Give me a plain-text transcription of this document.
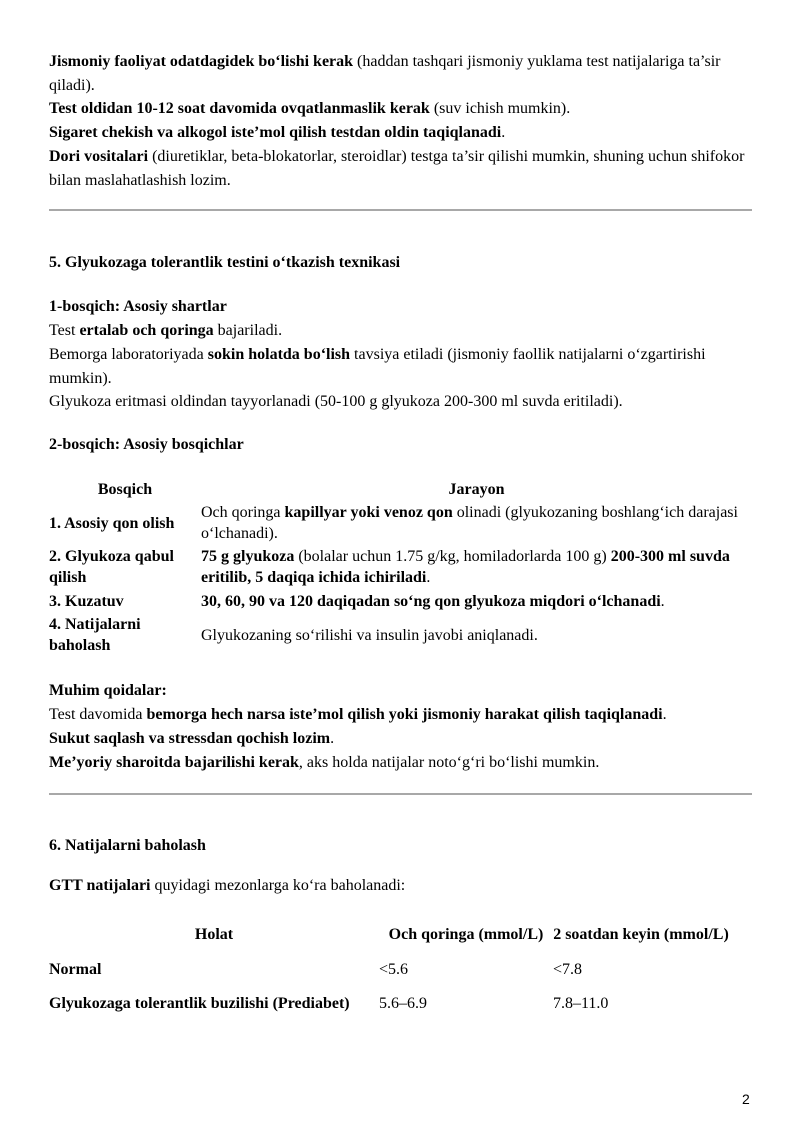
Jismoniy faoliyat odatdagidek bo‘lishi kerak (haddan tashqari jismoniy yuklama test natijalariga ta’sir qiladi).

Test oldidan 10-12 soat davomida ovqatlanmaslik kerak (suv ichish mumkin).

Sigaret chekish va alkogol iste’mol qilish testdan oldin taqiqlanadi.

Dori vositalari (diuretiklar, beta-blokatorlar, steroidlar) testga ta’sir qilishi mumkin, shuning uchun shifokor bilan maslahatlashish lozim.

5. Glyukozaga tolerantlik testini o‘tkazish texnikasi

1-bosqich: Asosiy shartlar

Test ertalab och qoringa bajariladi.

Bemorga laboratoriyada sokin holatda bo‘lish tavsiya etiladi (jismoniy faollik natijalarni o‘zgartirishi mumkin).

Glyukoza eritmasi oldindan tayyorlanadi (50-100 g glyukoza 200-300 ml suvda eritiladi).

2-bosqich: Asosiy bosqichlar

Bosqich	Jarayon
1. Asosiy qon olish	Och qoringa kapillyar yoki venoz qon olinadi (glyukozaning boshlang‘ich darajasi o‘lchanadi).
2. Glyukoza qabul qilish	75 g glyukoza (bolalar uchun 1.75 g/kg, homiladorlarda 100 g) 200-300 ml suvda eritilib, 5 daqiqa ichida ichiriladi.
3. Kuzatuv	30, 60, 90 va 120 daqiqadan so‘ng qon glyukoza miqdori o‘lchanadi.
4. Natijalarni baholash	Glyukozaning so‘rilishi va insulin javobi aniqlanadi.

Muhim qoidalar:

Test davomida bemorga hech narsa iste’mol qilish yoki jismoniy harakat qilish taqiqlanadi.

Sukut saqlash va stressdan qochish lozim.

Me’yoriy sharoitda bajarilishi kerak, aks holda natijalar noto‘g‘ri bo‘lishi mumkin.

6. Natijalarni baholash

GTT natijalari quyidagi mezonlarga ko‘ra baholanadi:

Holat	Och qoringa (mmol/L)	2 soatdan keyin (mmol/L)
Normal	<5.6	<7.8
Glyukozaga tolerantlik buzilishi (Prediabet)	5.6–6.9	7.8–11.0
2
